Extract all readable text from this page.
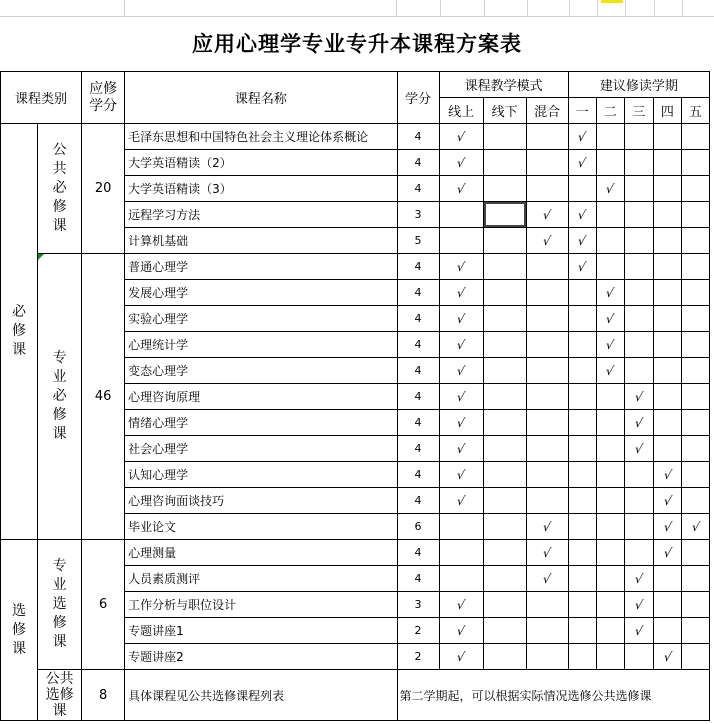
应用心理学专业专升本课程方案表
课程类别		应修学分	课程名称	学分	课程教学模式			建议修读学期				
					线上	线下	混合	一	二	三	四	五
必修课	公共必修课	20	毛泽东思想和中国特色社会主义理论体系概论	4	√			√				
			大学英语精读（2）	4	√			√				
			大学英语精读（3）	4	√				√			
			远程学习方法	3			√	√				
			计算机基础	5			√	√				
	专业必修课	46	普通心理学	4	√			√				
			发展心理学	4	√				√			
			实验心理学	4	√				√			
			心理统计学	4	√				√			
			变态心理学	4	√				√			
			心理咨询原理	4	√					√		
			情绪心理学	4	√					√		
			社会心理学	4	√					√		
			认知心理学	4	√						√	
			心理咨询面谈技巧	4	√						√	
			毕业论文	6			√				√	√
选修课	专业选修课	6	心理测量	4			√				√	
			人员素质测评	4			√			√		
			工作分析与职位设计	3	√					√		
			专题讲座1	2	√					√		
			专题讲座2	2	√						√	
	公共选修课	8	具体课程见公共选修课程列表	第二学期起，可以根据实际情况选修公共选修课								
